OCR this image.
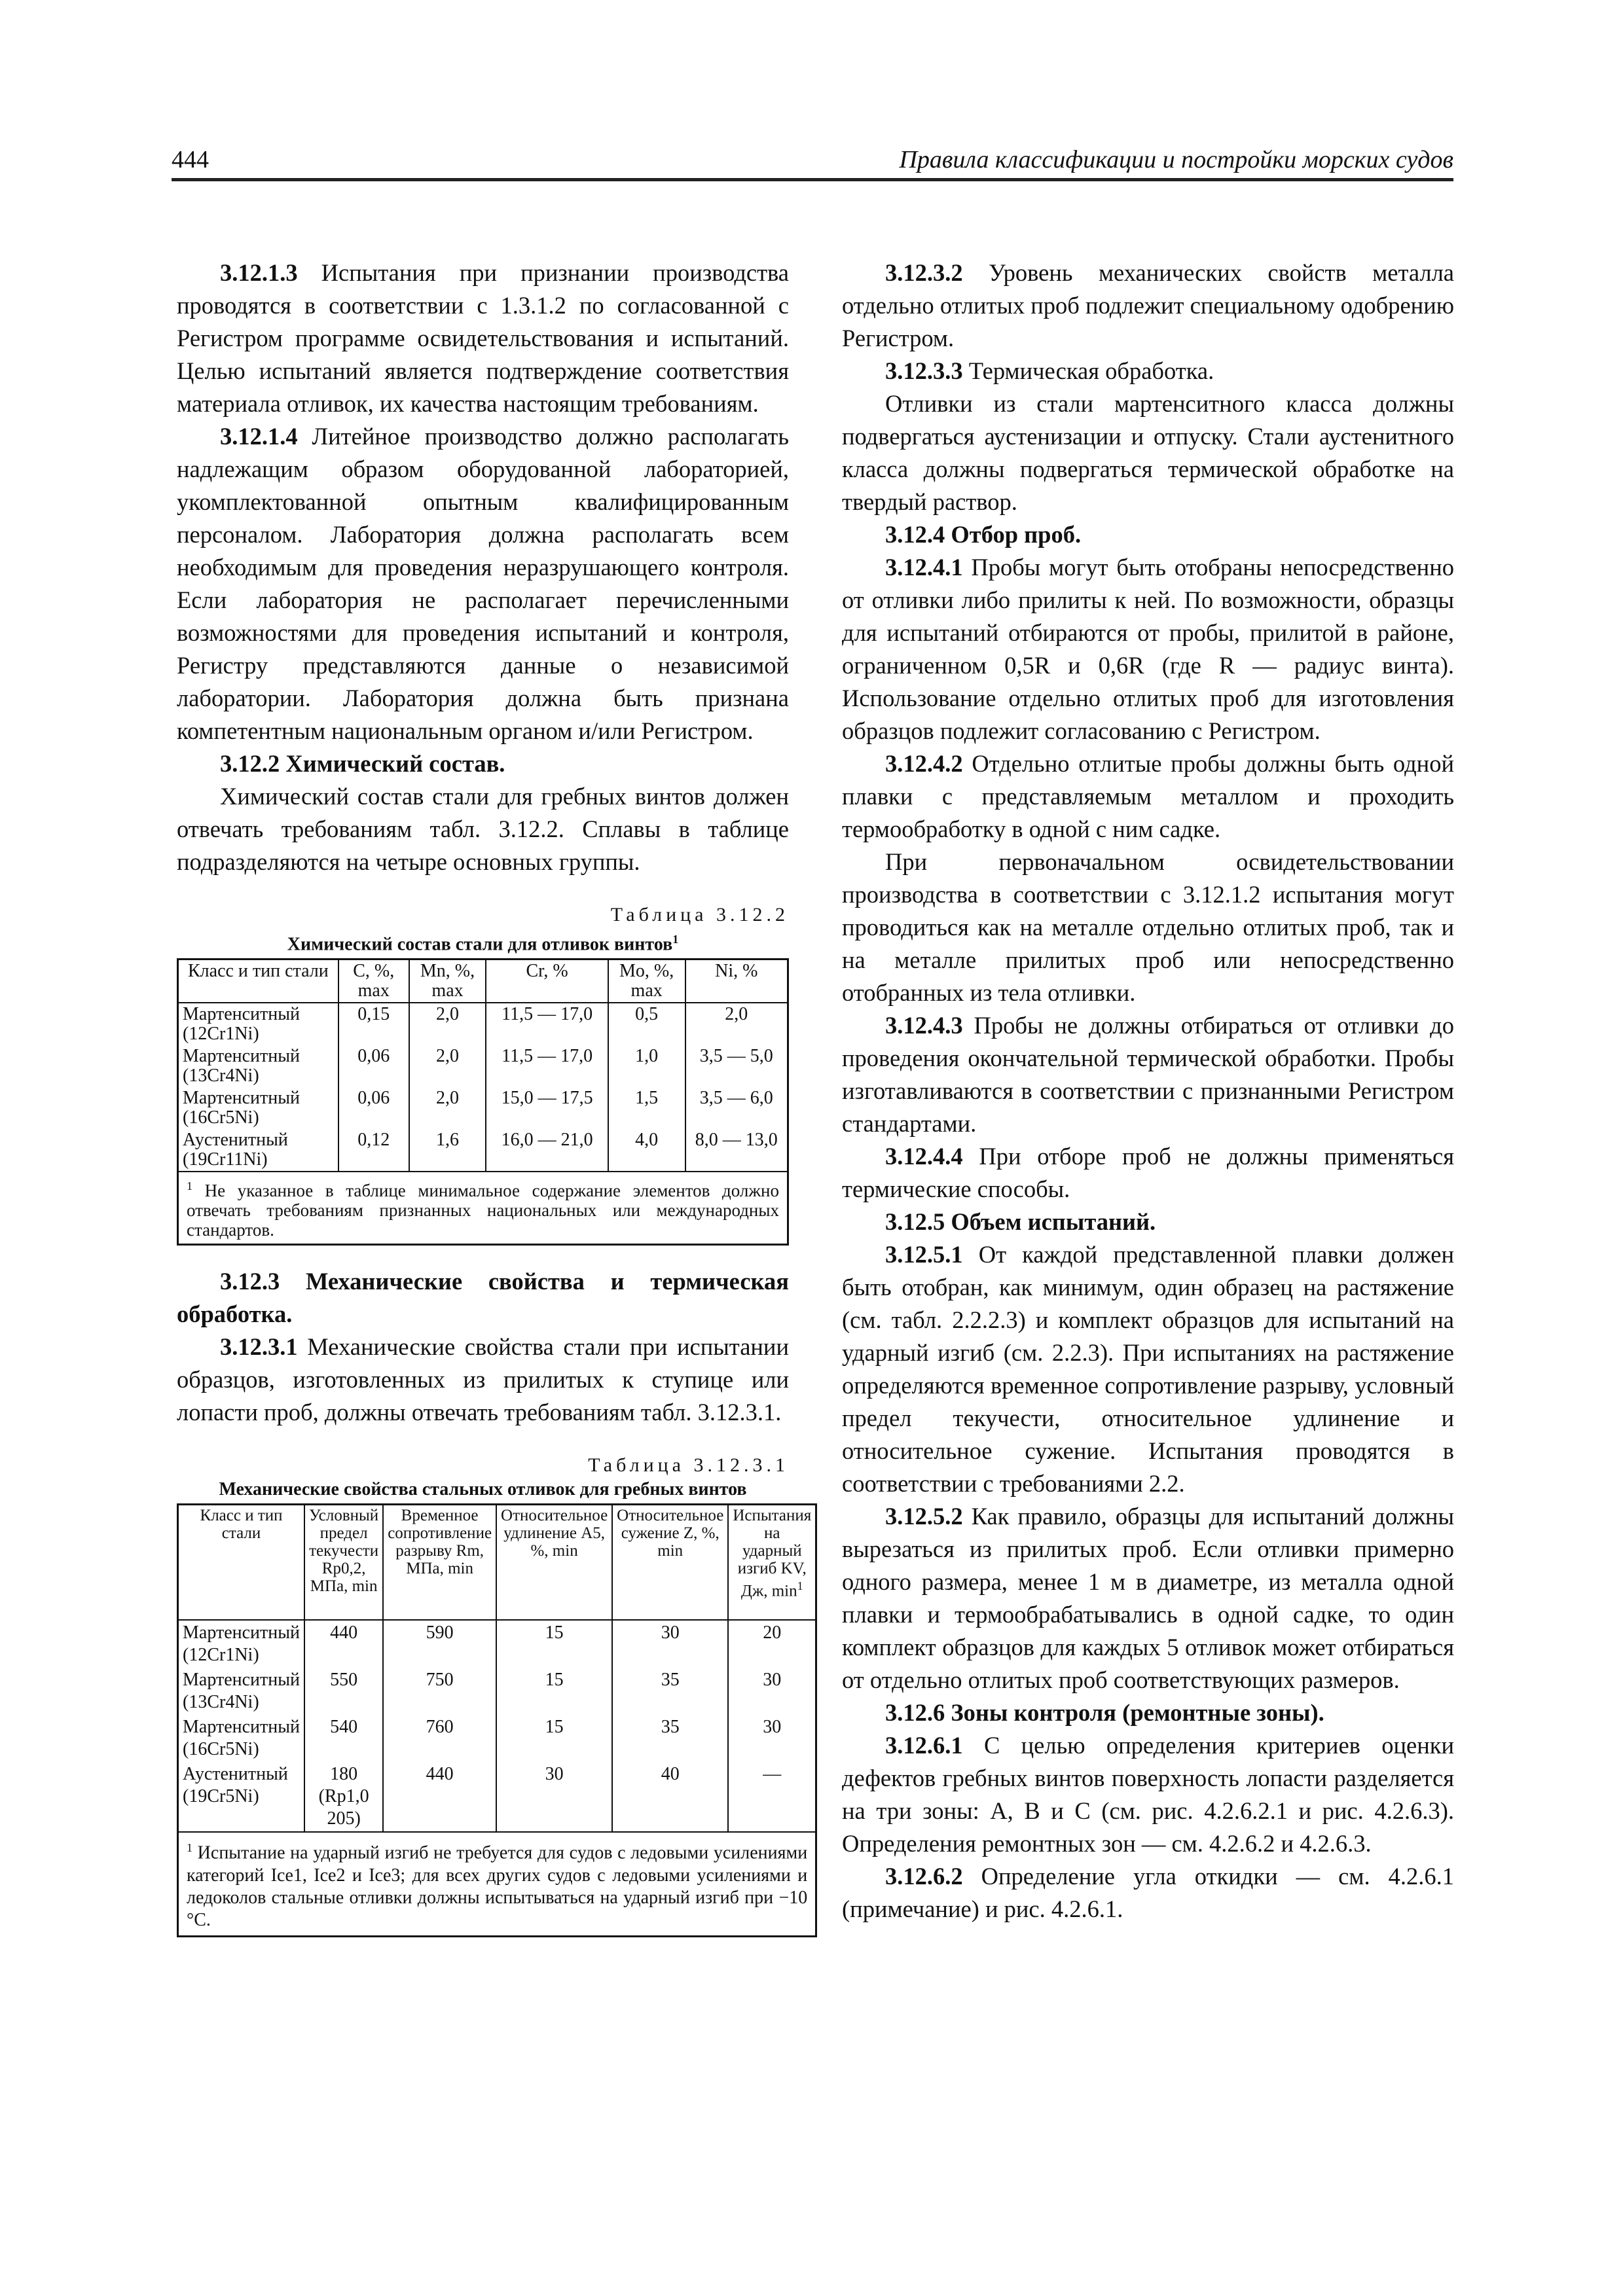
444	Правила классификации и постройки морских судов

3.12.1.3 Испытания при признании производства проводятся в соответствии с 1.3.1.2 по согласованной с Регистром программе освидетельствования и испытаний. Целью испытаний является подтверждение соответствия материала отливок, их качества настоящим требованиям.

3.12.1.4 Литейное производство должно располагать надлежащим образом оборудованной лабораторией, укомплектованной опытным квалифицированным персоналом. Лаборатория должна располагать всем необходимым для проведения неразрушающего контроля. Если лаборатория не располагает перечисленными возможностями для проведения испытаний и контроля, Регистру представляются данные о независимой лаборатории. Лаборатория должна быть признана компетентным национальным органом и/или Регистром.

3.12.2 Химический состав.

Химический состав стали для гребных винтов должен отвечать требованиям табл. 3.12.2. Сплавы в таблице подразделяются на четыре основных группы.

Таблица 3.12.2
Химический состав стали для отливок винтов$^1$
Класс и тип стали	C, %, max	Mn, %, max	Cr, %	Mo, %, max	Ni, %
Мартенситный (12Cr1Ni)	0,15	2,0	11,5 — 17,0	0,5	2,0
Мартенситный (13Cr4Ni)	0,06	2,0	11,5 — 17,0	1,0	3,5 — 5,0
Мартенситный (16Cr5Ni)	0,06	2,0	15,0 — 17,5	1,5	3,5 — 6,0
Аустенитный (19Cr11Ni)	0,12	1,6	16,0 — 21,0	4,0	8,0 — 13,0
$^1$ Не указанное в таблице минимальное содержание элементов должно отвечать требованиям признанных национальных или международных стандартов.					

3.12.3 Механические свойства и термическая обработка.

3.12.3.1 Механические свойства стали при испытании образцов, изготовленных из прилитых к ступице или лопасти проб, должны отвечать требованиям табл. 3.12.3.1.

Таблица 3.12.3.1
Механические свойства стальных отливок для гребных винтов
Класс и тип стали	Условный предел текучести Rp0,2, МПа, min	Временное сопротивление разрыву Rm, МПа, min	Относительное удлинение A5, %, min	Относительное сужение Z, %, min	Испытания на ударный изгиб KV, Дж, $\min^1$
Мартенситный (12Cr1Ni)	440	590	15	30	20
Мартенситный (13Cr4Ni)	550	750	15	35	30
Мартенситный (16Cr5Ni)	540	760	15	35	30
Аустенитный (19Cr5Ni)	180 (Rp1,0 205)	440	30	40	—
$^1$ Испытание на ударный изгиб не требуется для судов с ледовыми усилениями категорий Ice1, Ice2 и Ice3; для всех других судов с ледовыми усилениями и ледоколов стальные отливки должны испытываться на ударный изгиб при −10 °C.					

3.12.3.2 Уровень механических свойств металла отдельно отлитых проб подлежит специальному одобрению Регистром.

3.12.3.3 Термическая обработка.

Отливки из стали мартенситного класса должны подвергаться аустенизации и отпуску. Стали аустенитного класса должны подвергаться термической обработке на твердый раствор.

3.12.4 Отбор проб.

3.12.4.1 Пробы могут быть отобраны непосредственно от отливки либо прилиты к ней. По возможности, образцы для испытаний отбираются от пробы, прилитой в районе, ограниченном 0,5R и 0,6R (где R — радиус винта). Использование отдельно отлитых проб для изготовления образцов подлежит согласованию с Регистром.

3.12.4.2 Отдельно отлитые пробы должны быть одной плавки с представляемым металлом и проходить термообработку в одной с ним садке.

При первоначальном освидетельствовании производства в соответствии с 3.12.1.2 испытания могут проводиться как на металле отдельно отлитых проб, так и на металле прилитых проб или непосредственно отобранных из тела отливки.

3.12.4.3 Пробы не должны отбираться от отливки до проведения окончательной термической обработки. Пробы изготавливаются в соответствии с признанными Регистром стандартами.

3.12.4.4 При отборе проб не должны применяться термические способы.

3.12.5 Объем испытаний.

3.12.5.1 От каждой представленной плавки должен быть отобран, как минимум, один образец на растяжение (см. табл. 2.2.2.3) и комплект образцов для испытаний на ударный изгиб (см. 2.2.3). При испытаниях на растяжение определяются временное сопротивление разрыву, условный предел текучести, относительное удлинение и относительное сужение. Испытания проводятся в соответствии с требованиями 2.2.

3.12.5.2 Как правило, образцы для испытаний должны вырезаться из прилитых проб. Если отливки примерно одного размера, менее 1 м в диаметре, из металла одной плавки и термообрабатывались в одной садке, то один комплект образцов для каждых 5 отливок может отбираться от отдельно отлитых проб соответствующих размеров.

3.12.6 Зоны контроля (ремонтные зоны).

3.12.6.1 С целью определения критериев оценки дефектов гребных винтов поверхность лопасти разделяется на три зоны: A, B и C (см. рис. 4.2.6.2.1 и рис. 4.2.6.3). Определения ремонтных зон — см. 4.2.6.2 и 4.2.6.3.

3.12.6.2 Определение угла откидки — см. 4.2.6.1 (примечание) и рис. 4.2.6.1.
